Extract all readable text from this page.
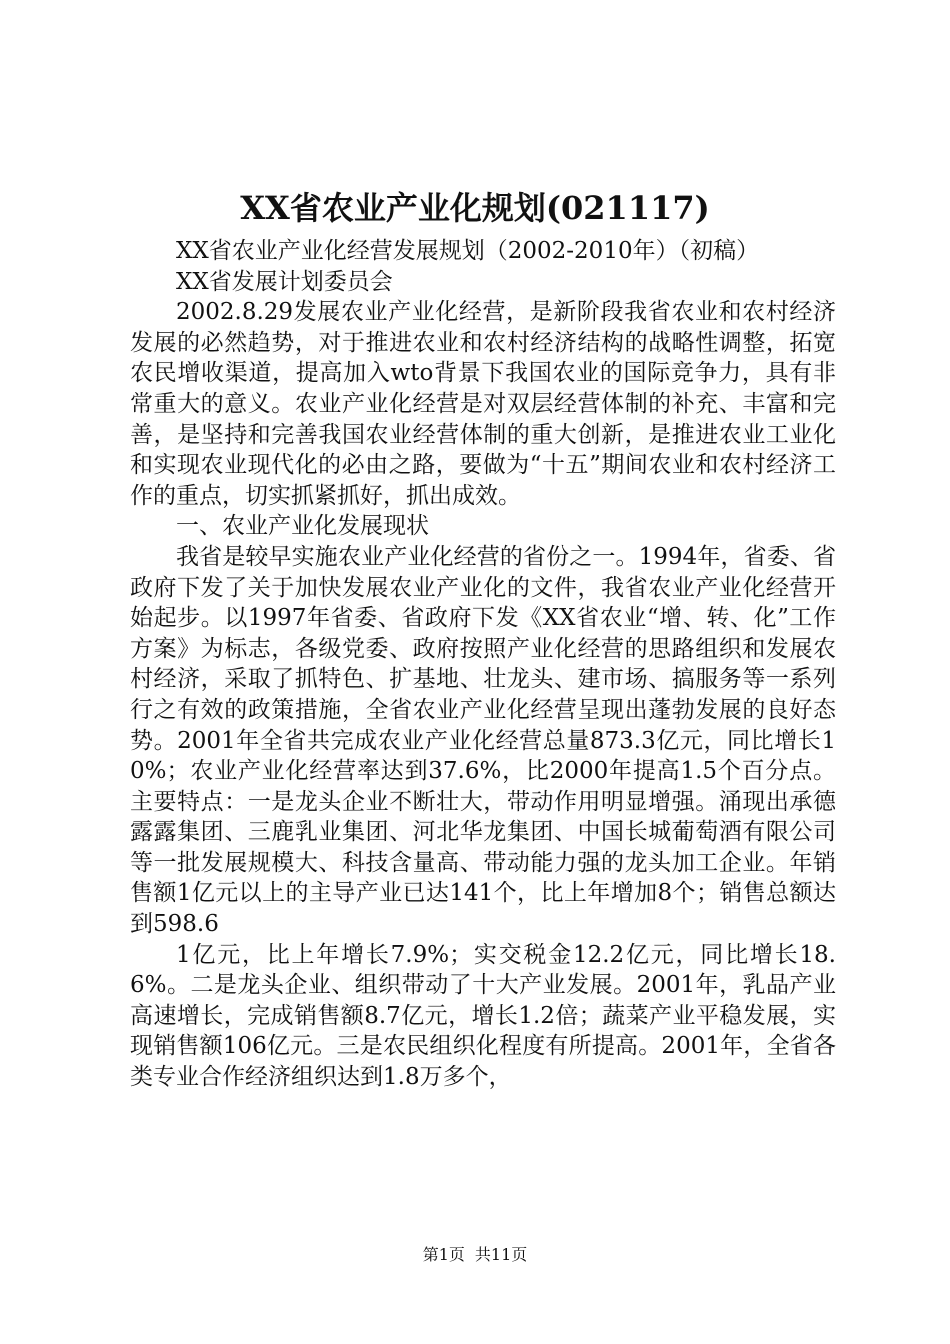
XX省农业产业化规划(021117)

XX省农业产业化经营发展规划（2002-2010年）（初稿）

XX省发展计划委员会

2002.8.29发展农业产业化经营，是新阶段我省农业和农村经济发展的必然趋势，对于推进农业和农村经济结构的战略性调整，拓宽农民增收渠道，提高加入wto背景下我国农业的国际竞争力，具有非常重大的意义。农业产业化经营是对双层经营体制的补充、丰富和完善，是坚持和完善我国农业经营体制的重大创新，是推进农业工业化和实现农业现代化的必由之路，要做为“十五”期间农业和农村经济工作的重点，切实抓紧抓好，抓出成效。

一、农业产业化发展现状

我省是较早实施农业产业化经营的省份之一。1994年，省委、省政府下发了关于加快发展农业产业化的文件，我省农业产业化经营开始起步。以1997年省委、省政府下发《XX省农业“增、转、化”工作方案》为标志，各级党委、政府按照产业化经营的思路组织和发展农村经济，采取了抓特色、扩基地、壮龙头、建市场、搞服务等一系列行之有效的政策措施，全省农业产业化经营呈现出蓬勃发展的良好态势。2001年全省共完成农业产业化经营总量873.3亿元，同比增长10%；农业产业化经营率达到37.6%，比2000年提高1.5个百分点。主要特点：一是龙头企业不断壮大，带动作用明显增强。涌现出承德露露集团、三鹿乳业集团、河北华龙集团、中国长城葡萄酒有限公司等一批发展规模大、科技含量高、带动能力强的龙头加工企业。年销售额1亿元以上的主导产业已达141个，比上年增加8个；销售总额达到598.6

1亿元，比上年增长7.9%；实交税金12.2亿元，同比增长18.6%。二是龙头企业、组织带动了十大产业发展。2001年，乳品产业高速增长，完成销售额8.7亿元，增长1.2倍；蔬菜产业平稳发展，实现销售额106亿元。三是农民组织化程度有所提高。2001年，全省各类专业合作经济组织达到1.8万多个，

第1页 共11页
